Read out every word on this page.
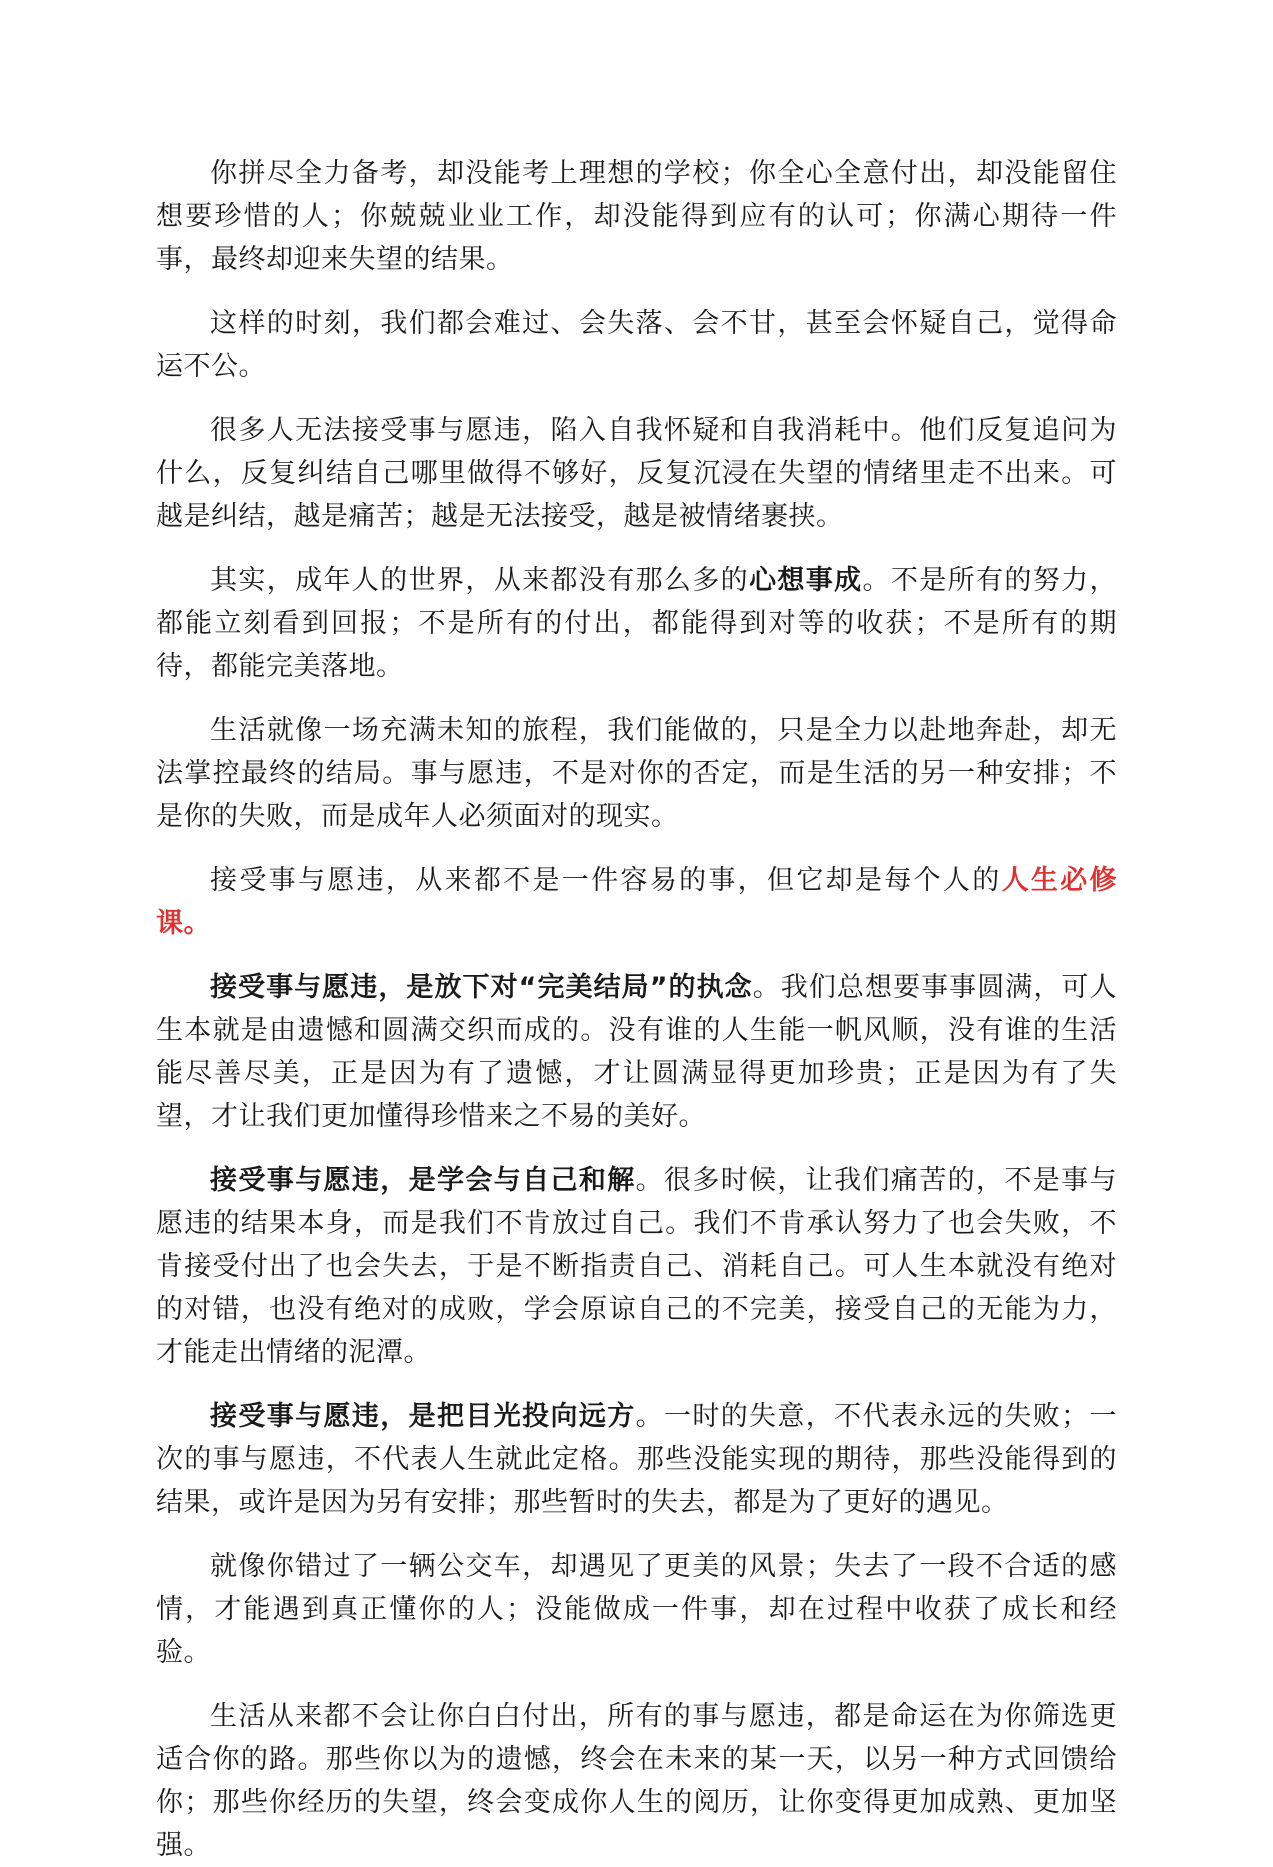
你拼尽全力备考，却没能考上理想的学校；你全心全意付出，却没能留住想要珍惜的人；你兢兢业业工作，却没能得到应有的认可；你满心期待一件事，最终却迎来失望的结果。

这样的时刻，我们都会难过、会失落、会不甘，甚至会怀疑自己，觉得命运不公。

很多人无法接受事与愿违，陷入自我怀疑和自我消耗中。他们反复追问为什么，反复纠结自己哪里做得不够好，反复沉浸在失望的情绪里走不出来。可越是纠结，越是痛苦；越是无法接受，越是被情绪裹挟。

其实，成年人的世界，从来都没有那么多的心想事成。不是所有的努力，都能立刻看到回报；不是所有的付出，都能得到对等的收获；不是所有的期待，都能完美落地。

生活就像一场充满未知的旅程，我们能做的，只是全力以赴地奔赴，却无法掌控最终的结局。事与愿违，不是对你的否定，而是生活的另一种安排；不是你的失败，而是成年人必须面对的现实。

接受事与愿违，从来都不是一件容易的事，但它却是每个人的人生必修课。

接受事与愿违，是放下对“完美结局”的执念。我们总想要事事圆满，可人生本就是由遗憾和圆满交织而成的。没有谁的人生能一帆风顺，没有谁的生活能尽善尽美，正是因为有了遗憾，才让圆满显得更加珍贵；正是因为有了失望，才让我们更加懂得珍惜来之不易的美好。

接受事与愿违，是学会与自己和解。很多时候，让我们痛苦的，不是事与愿违的结果本身，而是我们不肯放过自己。我们不肯承认努力了也会失败，不肯接受付出了也会失去，于是不断指责自己、消耗自己。可人生本就没有绝对的对错，也没有绝对的成败，学会原谅自己的不完美，接受自己的无能为力，才能走出情绪的泥潭。

接受事与愿违，是把目光投向远方。一时的失意，不代表永远的失败；一次的事与愿违，不代表人生就此定格。那些没能实现的期待，那些没能得到的结果，或许是因为另有安排；那些暂时的失去，都是为了更好的遇见。

就像你错过了一辆公交车，却遇见了更美的风景；失去了一段不合适的感情，才能遇到真正懂你的人；没能做成一件事，却在过程中收获了成长和经验。

生活从来都不会让你白白付出，所有的事与愿违，都是命运在为你筛选更适合你的路。那些你以为的遗憾，终会在未来的某一天，以另一种方式回馈给你；那些你经历的失望，终会变成你人生的阅历，让你变得更加成熟、更加坚强。
